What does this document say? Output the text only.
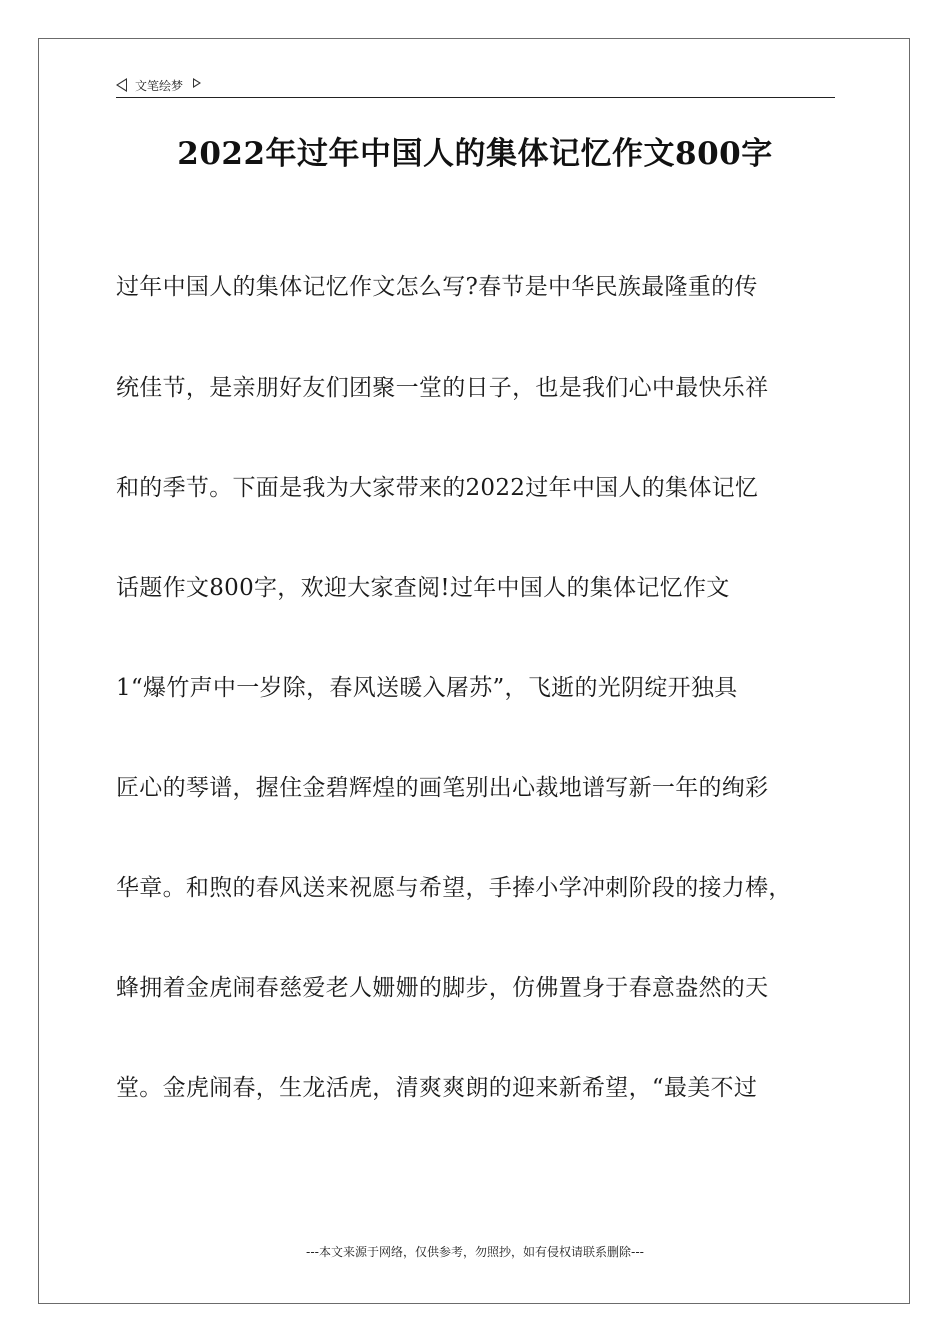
文笔绘梦
2022年过年中国人的集体记忆作文800字
过年中国人的集体记忆作文怎么写?春节是中华民族最隆重的传
统佳节，是亲朋好友们团聚一堂的日子，也是我们心中最快乐祥
和的季节。下面是我为大家带来的2022过年中国人的集体记忆
话题作文800字，欢迎大家查阅!过年中国人的集体记忆作文
1“爆竹声中一岁除，春风送暖入屠苏”，飞逝的光阴绽开独具
匠心的琴谱，握住金碧辉煌的画笔别出心裁地谱写新一年的绚彩
华章。和煦的春风送来祝愿与希望，手捧小学冲刺阶段的接力棒，
蜂拥着金虎闹春慈爱老人姗姗的脚步，仿佛置身于春意盎然的天
堂。金虎闹春，生龙活虎，清爽爽朗的迎来新希望，“最美不过
---本文来源于网络，仅供参考，勿照抄，如有侵权请联系删除---
